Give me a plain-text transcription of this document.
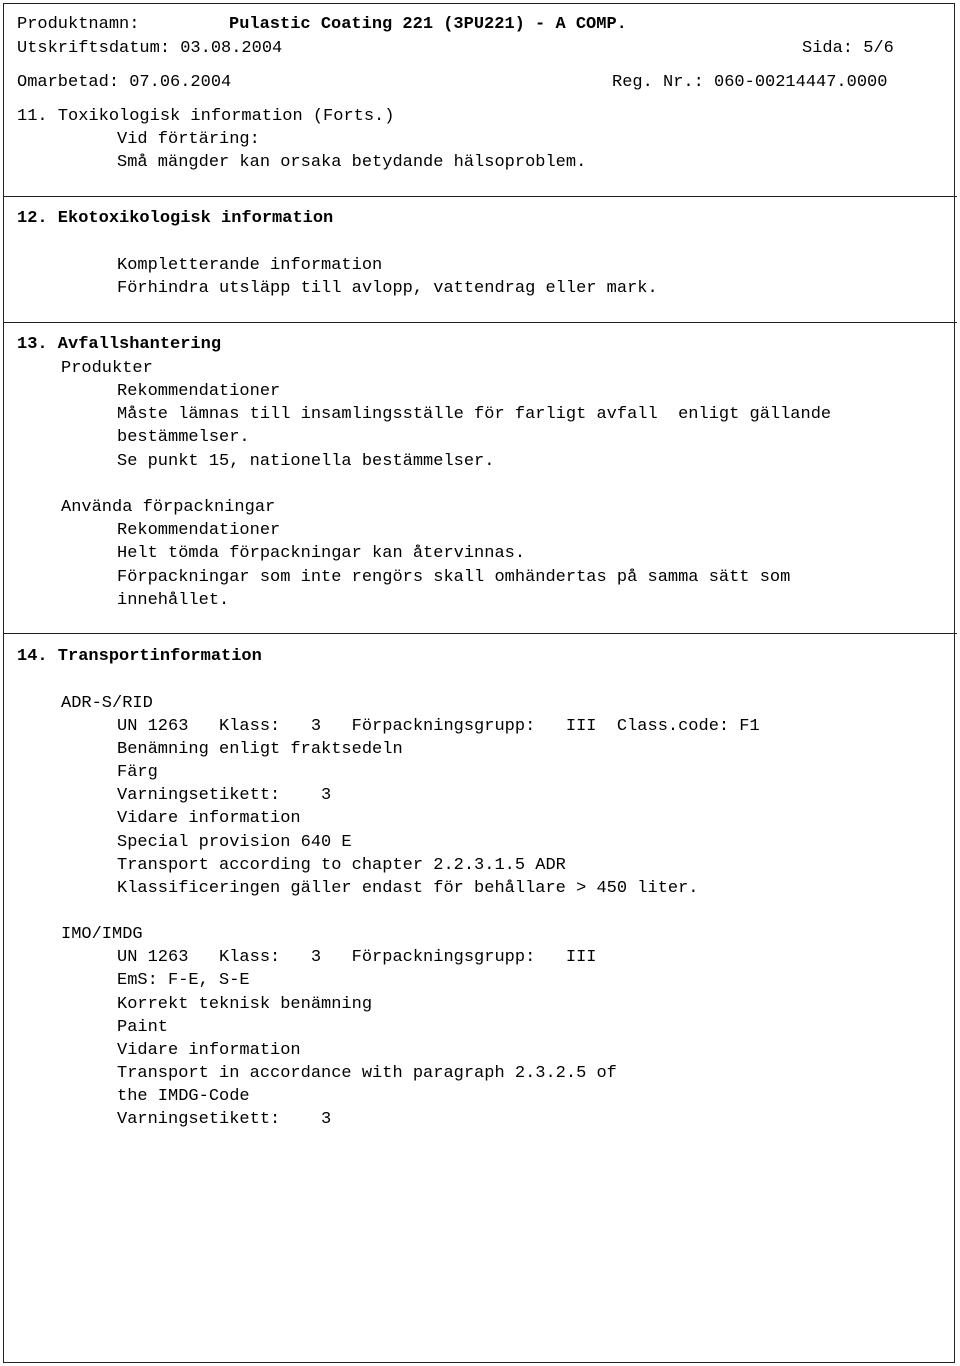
Produktnamn:	Pulastic Coating 221 (3PU221) - A COMP.
Utskriftsdatum: 03.08.2004	Sida: 5/6
Omarbetad: 07.06.2004	Reg. Nr.: 060-00214447.0000
11. Toxikologisk information (Forts.)
Vid förtäring:
Små mängder kan orsaka betydande hälsoproblem.
12. Ekotoxikologisk information
Kompletterande information
Förhindra utsläpp till avlopp, vattendrag eller mark.
13. Avfallshantering
Produkter
Rekommendationer
Måste lämnas till insamlingsställe för farligt avfall  enligt gällande
bestämmelser.
Se punkt 15, nationella bestämmelser.
Använda förpackningar
Rekommendationer
Helt tömda förpackningar kan återvinnas.
Förpackningar som inte rengörs skall omhändertas på samma sätt som
innehållet.
14. Transportinformation
ADR-S/RID
UN 1263   Klass:   3   Förpackningsgrupp:   III  Class.code: F1
Benämning enligt fraktsedeln
Färg
Varningsetikett:    3
Vidare information
Special provision 640 E
Transport according to chapter 2.2.3.1.5 ADR
Klassificeringen gäller endast för behållare > 450 liter.
IMO/IMDG
UN 1263   Klass:   3   Förpackningsgrupp:   III
EmS: F-E, S-E
Korrekt teknisk benämning
Paint
Vidare information
Transport in accordance with paragraph 2.3.2.5 of
the IMDG-Code
Varningsetikett:    3
